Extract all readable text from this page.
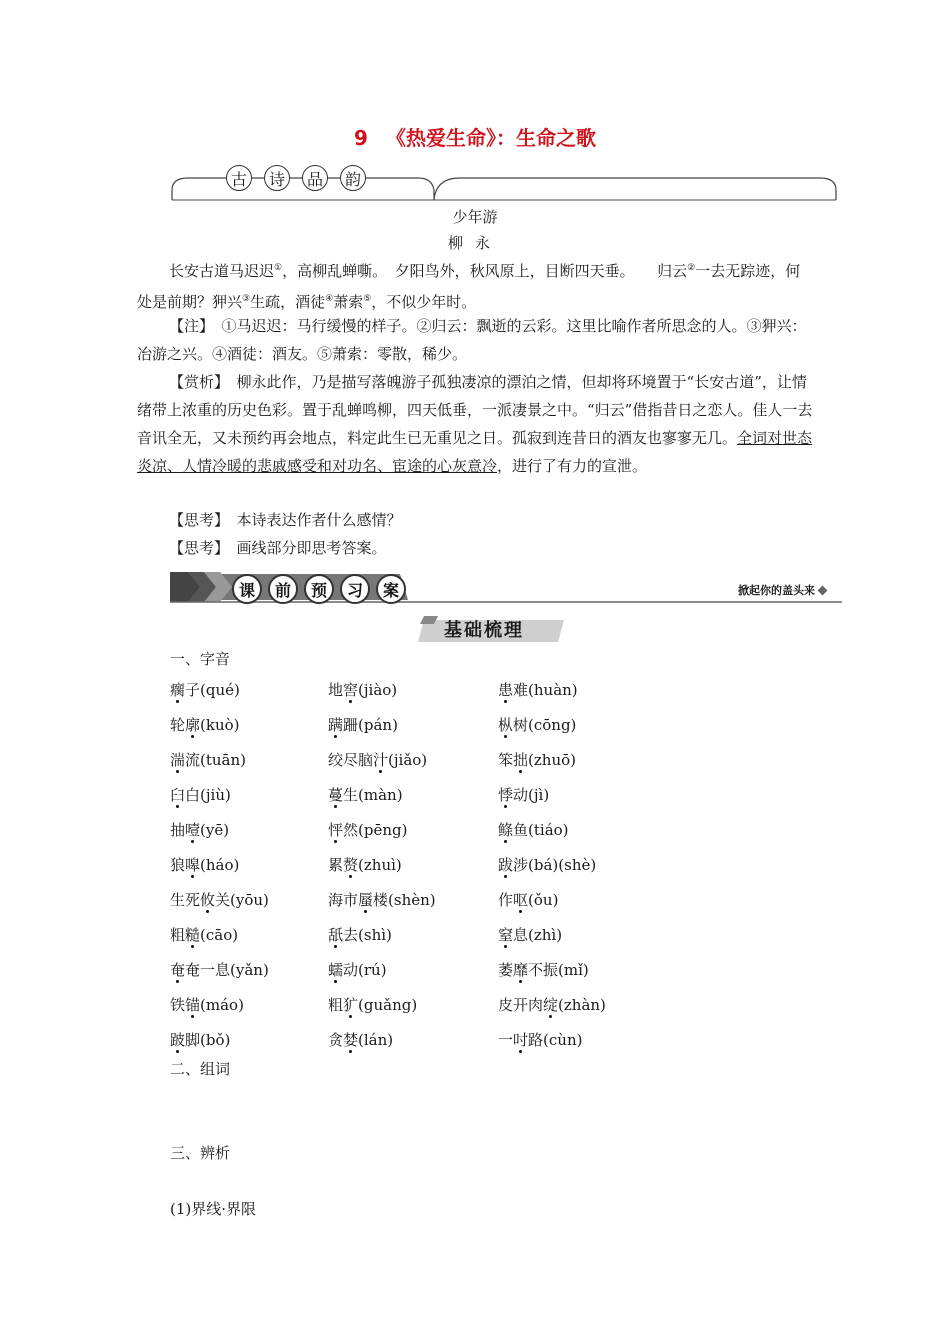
9 《热爱生命》：生命之歌
古	诗	品	韵
少年游
柳永

长安古道马迟迟①，高柳乱蝉嘶。　夕阳鸟外，秋风原上，目断四天垂。　　归云②一去无踪迹，何处是前期？狎兴③生疏，酒徒④萧索⑤，不似少年时。

【注】　 ①马迟迟：马行缓慢的样子。②归云：飘逝的云彩。这里比喻作者所思念的人。③狎兴：冶游之兴。④酒徒：酒友。⑤萧索：零散，稀少。

【赏析】　 柳永此作，乃是描写落魄游子孤独凄凉的漂泊之情，但却将环境置于“长安古道”，让情绪带上浓重的历史色彩。置于乱蝉鸣柳，四天低垂，一派凄景之中。“归云”借指昔日之恋人。佳人一去音讯全无，又未预约再会地点，料定此生已无重见之日。孤寂到连昔日的酒友也寥寥无几。全词对世态炎凉、人情冷暖的悲戚感受和对功名、宦途的心灰意冷，进行了有力的宣泄。

【思考】　 本诗表达作者什么感情？

【思考】　 画线部分即思考答案。

课	前	预	习	案	掀起你的盖头来
基础梳理
一、字音
瘸子(qué)	地窖(jiào)	患难(huàn)
轮廓(kuò)	蹒跚(pán)	枞树(cōng)
湍流(tuān)	绞尽脑汁(jiǎo)	笨拙(zhuō)
臼白(jiù)	蔓生(màn)	悸动(jì)
抽噎(yē)	怦然(pēng)	鲦鱼(tiáo)
狼嗥(háo)	累赘(zhuì)	跋涉(bá)(shè)
生死攸关(yōu)	海市蜃楼(shèn)	作呕(ǒu)
粗糙(cāo)	舐去(shì)	窒息(zhì)
奄奄一息(yǎn)	蠕动(rú)	萎靡不振(mǐ)
铁锚(máo)	粗犷(guǎng)	皮开肉绽(zhàn)
跛脚(bǒ)	贪婪(lán)	一吋路(cùn)
二、组词
三、辨析
(1)界线·界限
